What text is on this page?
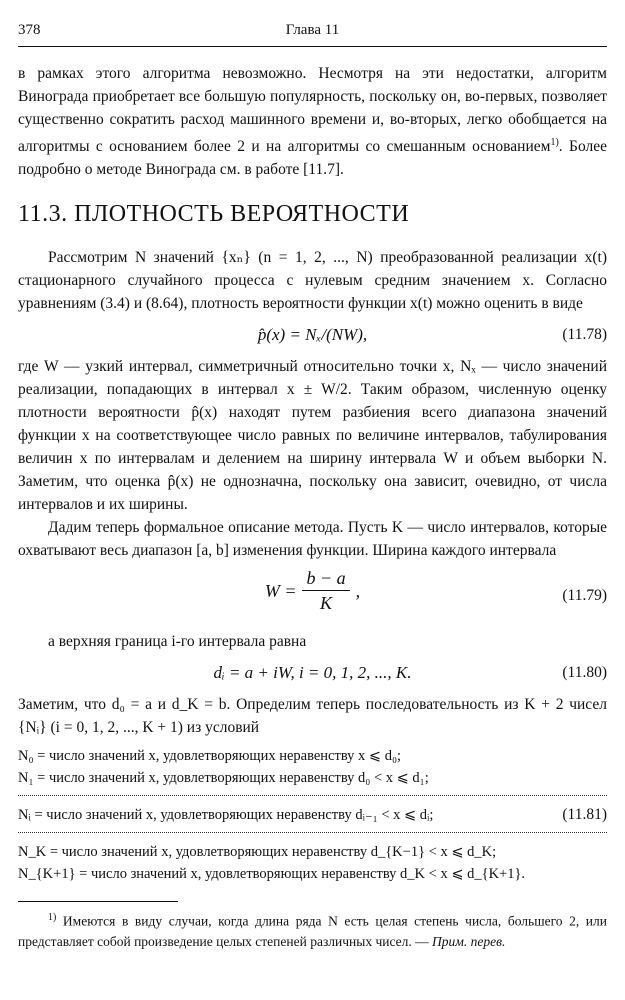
378	Глава 11

в рамках этого алгоритма невозможно. Несмотря на эти недостатки, алгоритм Винограда приобретает все большую популярность, поскольку он, во-первых, позволяет существенно сократить расход машинного времени и, во-вторых, легко обобщается на алгоритмы с основанием более 2 и на алгоритмы со смешанным основанием$^{1)}$. Более подробно о методе Винограда см. в работе [11.7].

11.3. ПЛОТНОСТЬ ВЕРОЯТНОСТИ

Рассмотрим N значений {xₙ} (n = 1, 2, ..., N) преобразованной реализации x(t) стационарного случайного процесса с нулевым средним значением x. Согласно уравнениям (3.4) и (8.64), плотность вероятности функции x(t) можно оценить в виде

p̂(x) = Nₓ/(NW),	(11.78)

где W — узкий интервал, симметричный относительно точки x, Nₓ — число значений реализации, попадающих в интервал x ± W/2. Таким образом, численную оценку плотности вероятности p̂(x) находят путем разбиения всего диапазона значений функции x на соответствующее число равных по величине интервалов, табулирования величин x по интервалам и делением на ширину интервала W и объем выборки N. Заметим, что оценка p̂(x) не однозначна, поскольку она зависит, очевидно, от числа интервалов и их ширины.

Дадим теперь формальное описание метода. Пусть K — число интервалов, которые охватывают весь диапазон [a, b] изменения функции. Ширина каждого интервала

$W = \frac{b - a}{K}$ ,	(11.79)

а верхняя граница i-го интервала равна

dᵢ = a + iW, i = 0, 1, 2, ..., K.	(11.80)

Заметим, что d₀ = a и d_K = b. Определим теперь последовательность из K + 2 чисел {Nᵢ} (i = 0, 1, 2, ..., K + 1) из условий

N₀ = число значений x, удовлетворяющих неравенству x ⩽ d₀;
N₁ = число значений x, удовлетворяющих неравенству d₀ < x ⩽ d₁;
Nᵢ = число значений x, удовлетворяющих неравенству dᵢ₋₁ < x ⩽ dᵢ;	(11.81)
N_K = число значений x, удовлетворяющих неравенству d_{K−1} < x ⩽ d_K;
N_{K+1} = число значений x, удовлетворяющих неравенству d_K < x ⩽ d_{K+1}.
$^{1)}$ Имеются в виду случаи, когда длина ряда N есть целая степень числа, большего 2, или представляет собой произведение целых степеней различных чисел. — Прим. перев.
